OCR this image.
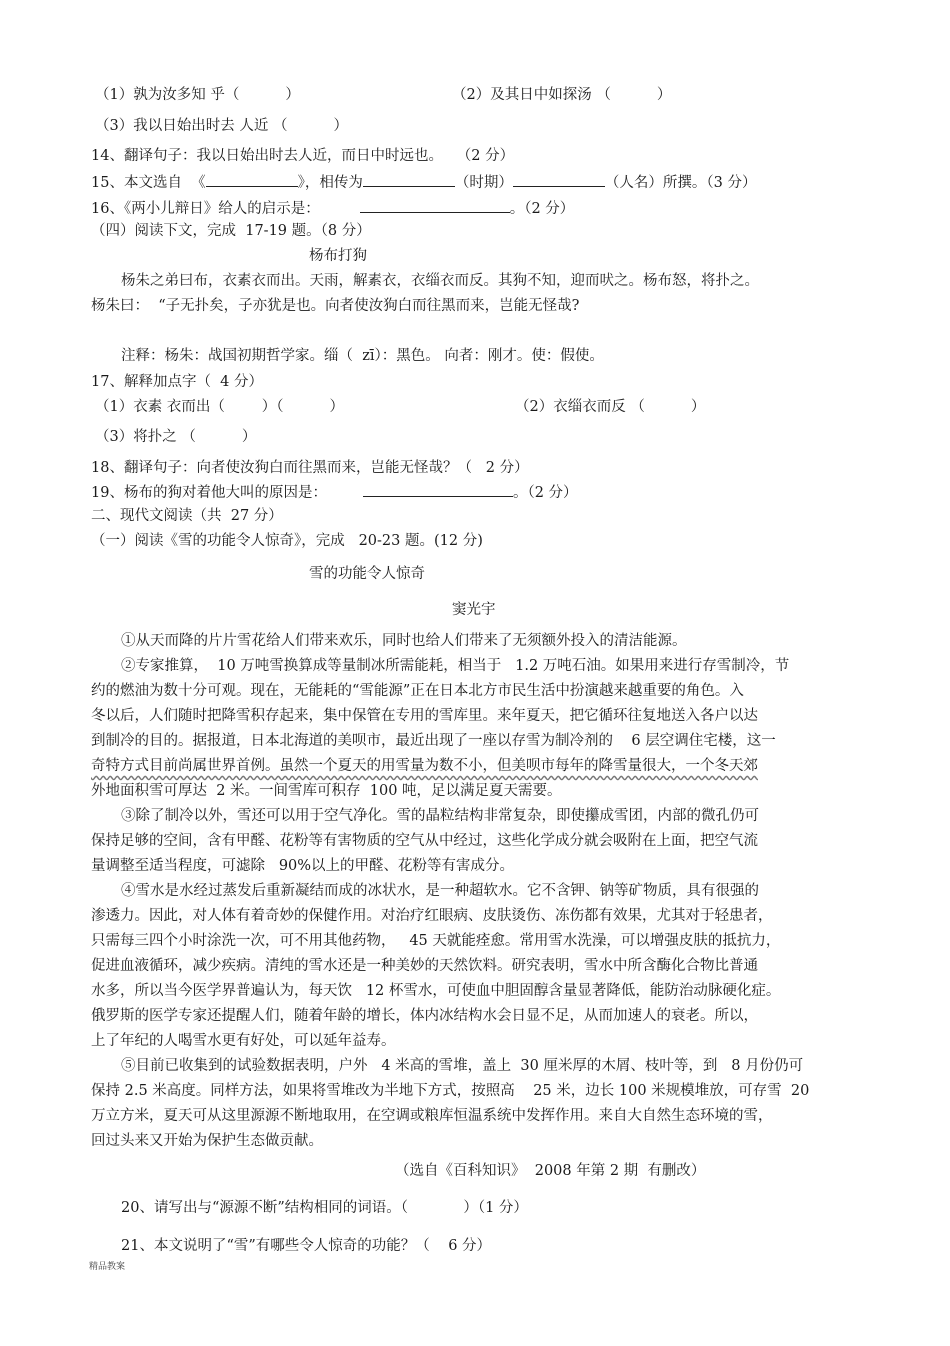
（1）孰为汝多知 乎（          ）	（2）及其日中如探汤 （          ）
（3）我以日始出时去 人近 （          ）
14、翻译句子：我以日始出时去人近，而日中时远也。   （2 分）
15、本文选自  《	》，相传为	（时期）	（人名）所撰。（3 分）
16、《两小儿辩日》给人的启示是：	。（2 分）
（四）阅读下文，完成  17-19 题。（8 分）
杨布打狗
杨朱之弟曰布，衣素衣而出。天雨，解素衣，衣缁衣而反。其狗不知，迎而吠之。杨布怒，将扑之。
杨朱曰：  “子无扑矣，子亦犹是也。向者使汝狗白而往黑而来，岂能无怪哉?
注释：杨朱：战国初期哲学家。缁（  zī）：黑色。 向者：刚才。使：假使。
17、解释加点字（  4 分）
（1）衣素 衣而出（        ）（          ）	（2）衣缁衣而反 （          ）
（3）将扑之 （          ）
18、翻译句子：向者使汝狗白而往黑而来，岂能无怪哉？（   2 分）
19、杨布的狗对着他大叫的原因是：	。（2 分）
二、现代文阅读（共  27 分）
（一）阅读《雪的功能令人惊奇》，完成   20-23 题。(12 分)
雪的功能令人惊奇
窦光宇
①从天而降的片片雪花给人们带来欢乐，同时也给人们带来了无须额外投入的清洁能源。
②专家推算，  10 万吨雪换算成等量制冰所需能耗，相当于   1.2 万吨石油。如果用来进行存雪制冷，节
约的燃油为数十分可观。现在，无能耗的“雪能源”正在日本北方市民生活中扮演越来越重要的角色。入
冬以后，人们随时把降雪积存起来，集中保管在专用的雪库里。来年夏天，把它循环往复地送入各户以达
到制冷的目的。据报道，日本北海道的美呗市，最近出现了一座以存雪为制冷剂的    6 层空调住宅楼，这一
奇特方式目前尚属世界首例。虽然一个夏天的用雪量为数不小，但美呗市每年的降雪量很大，一个冬天郊
外地面积雪可厚达  2 米。一间雪库可积存  100 吨，足以满足夏天需要。
③除了制冷以外，雪还可以用于空气净化。雪的晶粒结构非常复杂，即使攥成雪团，内部的微孔仍可
保持足够的空间，含有甲醛、花粉等有害物质的空气从中经过，这些化学成分就会吸附在上面，把空气流
量调整至适当程度，可滤除   90%以上的甲醛、花粉等有害成分。
④雪水是水经过蒸发后重新凝结而成的冰状水，是一种超软水。它不含钾、钠等矿物质，具有很强的
渗透力。因此，对人体有着奇妙的保健作用。对治疗红眼病、皮肤烫伤、冻伤都有效果，尤其对于轻患者，
只需每三四个小时涂洗一次，可不用其他药物，   45 天就能痊愈。常用雪水洗澡，可以增强皮肤的抵抗力，
促进血液循环，减少疾病。清纯的雪水还是一种美妙的天然饮料。研究表明，雪水中所含酶化合物比普通
水多，所以当今医学界普遍认为，每天饮   12 杯雪水，可使血中胆固醇含量显著降低，能防治动脉硬化症。
俄罗斯的医学专家还提醒人们，随着年龄的增长，体内冰结构水会日显不足，从而加速人的衰老。所以，
上了年纪的人喝雪水更有好处，可以延年益寿。
⑤目前已收集到的试验数据表明，户外   4 米高的雪堆，盖上  30 厘米厚的木屑、枝叶等，到   8 月份仍可
保持 2.5 米高度。同样方法，如果将雪堆改为半地下方式，按照高    25 米，边长 100 米规模堆放，可存雪  20
万立方米，夏天可从这里源源不断地取用，在空调或粮库恒温系统中发挥作用。来自大自然生态环境的雪，
回过头来又开始为保护生态做贡献。
（选自《百科知识》  2008 年第 2 期  有删改）
20、请写出与“源源不断”结构相同的词语。（            ）（1 分）
21、本文说明了“雪”有哪些令人惊奇的功能？（    6 分）
精品教案
